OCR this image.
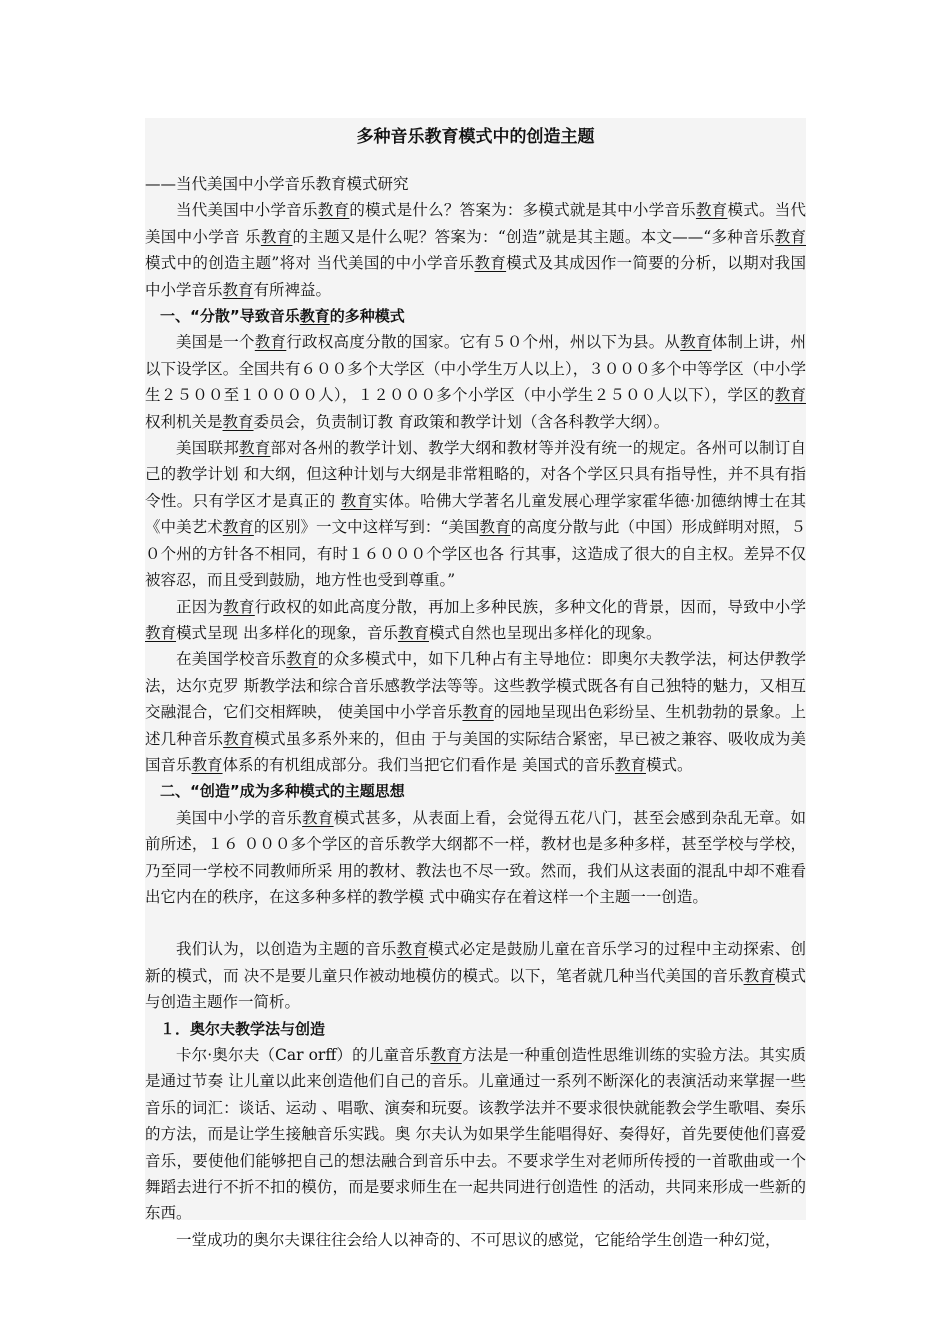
多种音乐教育模式中的创造主题
——当代美国中小学音乐教育模式研究
当代美国中小学音乐教育的模式是什么？答案为：多模式就是其中小学音乐教育模式。当代美国中小学音 乐教育的主题又是什么呢？答案为：“创造”就是其主题。本文——“多种音乐教育模式中的创造主题”将对 当代美国的中小学音乐教育模式及其成因作一简要的分析，以期对我国中小学音乐教育有所裨益。
一、“分散”导致音乐教育的多种模式
美国是一个教育行政权高度分散的国家。它有５０个州，州以下为县。从教育体制上讲，州以下设学区。全国共有６００多个大学区（中小学生万人以上），３０００多个中等学区（中小学生２５００至１００００人），１２０００多个小学区（中小学生２５００人以下），学区的教育权利机关是教育委员会，负责制订教 育政策和教学计划（含各科教学大纲）。
美国联邦教育部对各州的教学计划、教学大纲和教材等并没有统一的规定。各州可以制订自己的教学计划 和大纲，但这种计划与大纲是非常粗略的，对各个学区只具有指导性，并不具有指令性。只有学区才是真正的 教育实体。哈佛大学著名儿童发展心理学家霍华德·加德纳博士在其《中美艺术教育的区别》一文中这样写到：“美国教育的高度分散与此（中国）形成鲜明对照，５０个州的方针各不相同，有时１６０００个学区也各 行其事，这造成了很大的自主权。差异不仅被容忍，而且受到鼓励，地方性也受到尊重。”
正因为教育行政权的如此高度分散，再加上多种民族，多种文化的背景，因而，导致中小学教育模式呈现 出多样化的现象，音乐教育模式自然也呈现出多样化的现象。
在美国学校音乐教育的众多模式中，如下几种占有主导地位：即奥尔夫教学法，柯达伊教学法，达尔克罗 斯教学法和综合音乐感教学法等等。这些教学模式既各有自己独特的魅力，又相互交融混合，它们交相辉映， 使美国中小学音乐教育的园地呈现出色彩纷呈、生机勃勃的景象。上述几种音乐教育模式虽多系外来的，但由 于与美国的实际结合紧密，早已被之兼容、吸收成为美国音乐教育体系的有机组成部分。我们当把它们看作是 美国式的音乐教育模式。
二、“创造”成为多种模式的主题思想
美国中小学的音乐教育模式甚多，从表面上看，会觉得五花八门，甚至会感到杂乱无章。如前所述，１６ ０００多个学区的音乐教学大纲都不一样，教材也是多种多样，甚至学校与学校，乃至同一学校不同教师所采 用的教材、教法也不尽一致。然而，我们从这表面的混乱中却不难看出它内在的秩序，在这多种多样的教学模 式中确实存在着这样一个主题一一创造。
我们认为，以创造为主题的音乐教育模式必定是鼓励儿童在音乐学习的过程中主动探索、创新的模式，而 决不是要儿童只作被动地模仿的模式。以下，笔者就几种当代美国的音乐教育模式与创造主题作一简析。
１．奥尔夫教学法与创造
卡尔·奥尔夫（Car orff）的儿童音乐教育方法是一种重创造性思维训练的实验方法。其实质是通过节奏 让儿童以此来创造他们自己的音乐。儿童通过一系列不断深化的表演活动来掌握一些音乐的词汇：谈话、运动 、唱歌、演奏和玩耍。该教学法并不要求很快就能教会学生歌唱、奏乐的方法，而是让学生接触音乐实践。奥 尔夫认为如果学生能唱得好、奏得好，首先要使他们喜爱音乐，要使他们能够把自己的想法融合到音乐中去。不要求学生对老师所传授的一首歌曲或一个舞蹈去进行不折不扣的模仿，而是要求师生在一起共同进行创造性 的活动，共同来形成一些新的东西。
一堂成功的奥尔夫课往往会给人以神奇的、不可思议的感觉，它能给学生创造一种幻觉，
